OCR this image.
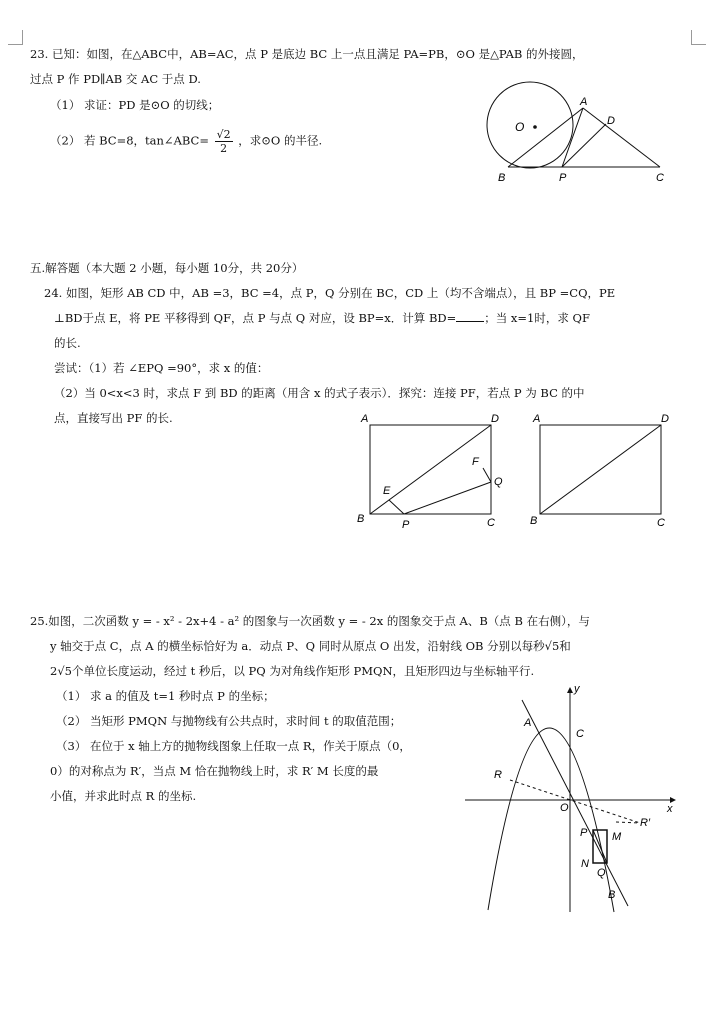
23. 已知：如图，在△ABC中，AB=AC，点 P 是底边 BC 上一点且满足 PA=PB，⊙O 是△PAB 的外接圆，
过点 P 作 PD∥AB 交 AC 于点 D.
（1） 求证：PD 是⊙O 的切线；
（2） 若 BC=8，tan∠ABC= $\frac{√2}{2}$ ，求⊙O 的半径.
O
A
D
B	P	C
五.解答题（本大题 2 小题，每小题 10分，共 20分）
24. 如图，矩形 AB CD 中，AB =3，BC =4，点 P，Q 分别在 BC，CD 上（均不含端点），且 BP =CQ，PE
⊥BD于点 E，将 PE 平移得到 QF，点 P 与点 Q 对应，设 BP=x．计算 BD= ；当 x=1时，求 QF
的长.
尝试：（1）若 ∠EPQ =90°，求 x 的值：
（2）当 0<x<3 时，求点 F 到 BD 的距离（用含 x 的式子表示）．探究：连接 PF，若点 P 为 BC 的中
点，直接写出 PF 的长.	A	D
B	C
E
F
Q
P
A	D
B	C
25.如图，二次函数 y = - x² - 2x+4 - a² 的图象与一次函数 y = - 2x 的图象交于点 A、B（点 B 在右侧），与
y 轴交于点 C，点 A 的横坐标恰好为 a．动点 P、Q 同时从原点 O 出发，沿射线 OB 分别以每秒√5和
2√5个单位长度运动，经过 t 秒后，以 PQ 为对角线作矩形 PMQN，且矩形四边与坐标轴平行.
（1） 求 a 的值及 t=1 秒时点 P 的坐标；
（2） 当矩形 PMQN 与抛物线有公共点时，求时间 t 的取值范围；
（3） 在位于 x 轴上方的抛物线图象上任取一点 R，作关于原点（0，
0）的对称点为 R′，当点 M 恰在抛物线上时，求 R′ M 长度的最
小值，并求此时点 R 的坐标.
x
y
A
C
R
R′
O
P M
N
Q
B
